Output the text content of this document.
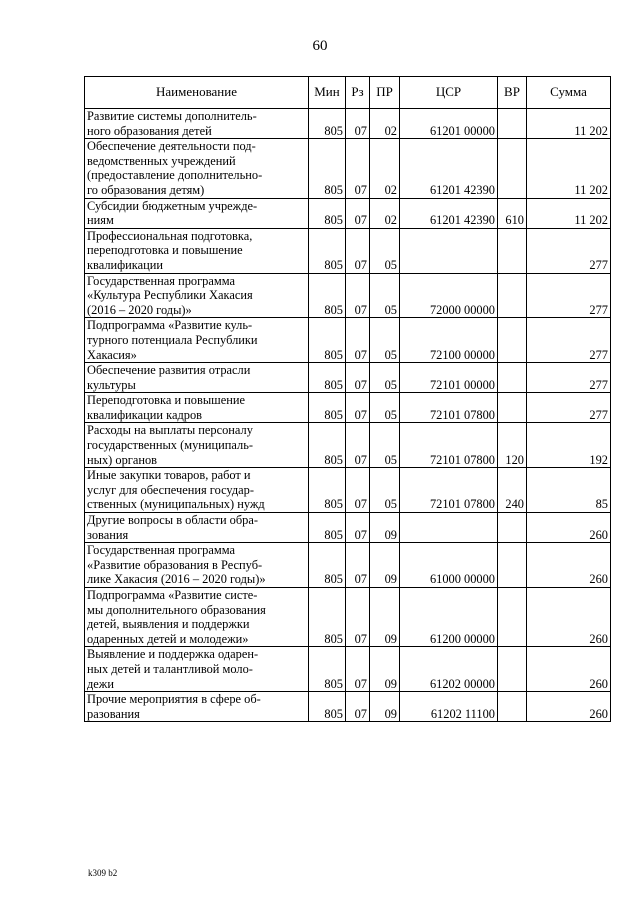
60
Наименование	Мин	Рз	ПР	ЦСР	ВР	Сумма

Развитие системы дополнитель-
ного образования детей	805	07	02	61201 00000		11 202

Обеспечение деятельности под-
ведомственных учреждений
(предоставление дополнительно-
го образования детям)	805	07	02	61201 42390		11 202

Субсидии бюджетным учрежде-
ниям	805	07	02	61201 42390	610	11 202

Профессиональная подготовка,
переподготовка и повышение
квалификации	805	07	05			277

Государственная программа
«Культура Республики Хакасия
(2016 – 2020 годы)»	805	07	05	72000 00000		277

Подпрограмма «Развитие куль-
турного потенциала Республики
Хакасия»	805	07	05	72100 00000		277

Обеспечение развития отрасли
культуры	805	07	05	72101 00000		277

Переподготовка и повышение
квалификации кадров	805	07	05	72101 07800		277

Расходы на выплаты персоналу
государственных (муниципаль-
ных) органов	805	07	05	72101 07800	120	192

Иные закупки товаров, работ и
услуг для обеспечения государ-
ственных (муниципальных) нужд	805	07	05	72101 07800	240	85

Другие вопросы в области обра-
зования	805	07	09			260

Государственная программа
«Развитие образования в Респуб-
лике Хакасия (2016 – 2020 годы)»	805	07	09	61000 00000		260

Подпрограмма «Развитие систе-
мы дополнительного образования
детей, выявления и поддержки
одаренных детей и молодежи»	805	07	09	61200 00000		260

Выявление и поддержка одарен-
ных детей и талантливой моло-
дежи	805	07	09	61202 00000		260

Прочие мероприятия в сфере об-
разования	805	07	09	61202 11100		260
k309 b2
